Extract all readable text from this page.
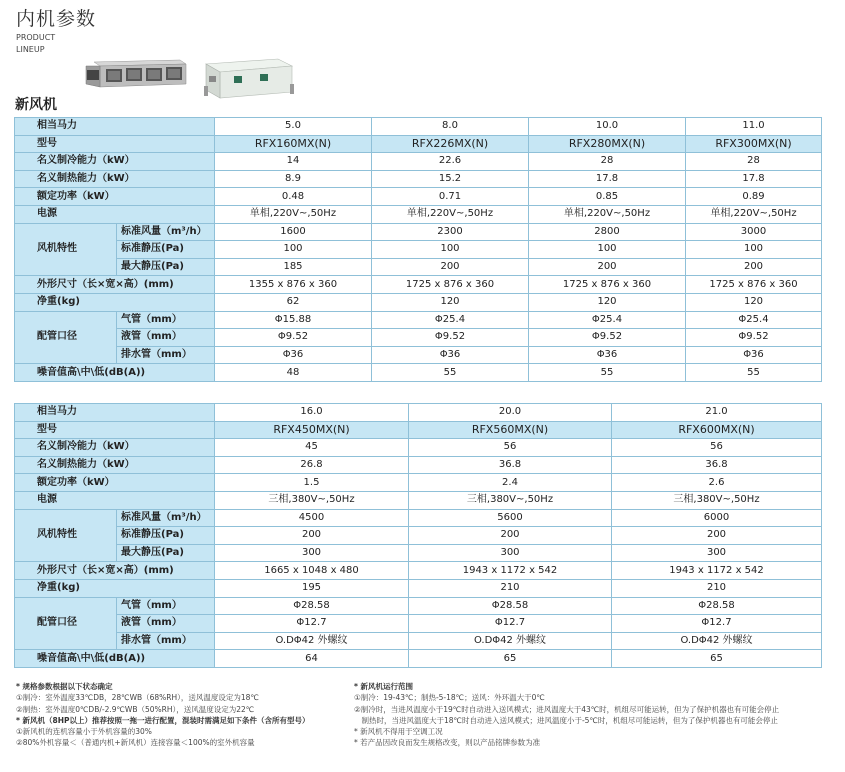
内机参数
PRODUCT
LINEUP
新风机
相当马力		5.0	8.0	10.0	11.0
型号		RFX160MX(N)	RFX226MX(N)	RFX280MX(N)	RFX300MX(N)
名义制冷能力（kW）		14	22.6	28	28
名义制热能力（kW）		8.9	15.2	17.8	17.8
额定功率（kW）		0.48	0.71	0.85	0.89
电源		单相,220V~,50Hz	单相,220V~,50Hz	单相,220V~,50Hz	单相,220V~,50Hz
风机特性	标准风量（m³/h）	1600	2300	2800	3000
	标准静压(Pa)	100	100	100	100
	最大静压(Pa)	185	200	200	200
外形尺寸（长×宽×高）(mm)		1355 x 876 x 360	1725 x 876 x 360	1725 x 876 x 360	1725 x 876 x 360
净重(kg)		62	120	120	120
配管口径	气管（mm）	Φ15.88	Φ25.4	Φ25.4	Φ25.4
	液管（mm）	Φ9.52	Φ9.52	Φ9.52	Φ9.52
	排水管（mm）	Φ36	Φ36	Φ36	Φ36
噪音值高\中\低(dB(A))		48	55	55	55
相当马力		16.0	20.0	21.0
型号		RFX450MX(N)	RFX560MX(N)	RFX600MX(N)
名义制冷能力（kW）		45	56	56
名义制热能力（kW）		26.8	36.8	36.8
额定功率（kW）		1.5	2.4	2.6
电源		三相,380V~,50Hz	三相,380V~,50Hz	三相,380V~,50Hz
风机特性	标准风量（m³/h）	4500	5600	6000
	标准静压(Pa)	200	200	200
	最大静压(Pa)	300	300	300
外形尺寸（长×宽×高）(mm)		1665 x 1048 x 480	1943 x 1172 x 542	1943 x 1172 x 542
净重(kg)		195	210	210
配管口径	气管（mm）	Φ28.58	Φ28.58	Φ28.58
	液管（mm）	Φ12.7	Φ12.7	Φ12.7
	排水管（mm）	O.DΦ42 外螺纹	O.DΦ42 外螺纹	O.DΦ42 外螺纹
噪音值高\中\低(dB(A))		64	65	65
* 规格参数根据以下状态确定
①制冷：室外温度33℃DB，28℃WB（68%RH），送风温度设定为18℃
②制热：室外温度0℃DB/-2.9℃WB（50%RH），送风温度设定为22℃
* 新风机（8HP以上）推荐按照一拖一进行配置，混装时需满足如下条件（含所有型号）
①新风机的连机容量小于外机容量的30%
②80%外机容量＜（普通内机+新风机）连接容量＜100%的室外机容量
* 新风机运行范围
①制冷：19-43℃；制热-5-18℃；送风：外环温大于0℃
②制冷时，当进风温度小于19℃时自动进入送风模式；进风温度大于43℃时，机组尽可能运转，但为了保护机器也有可能会停止
　制热时，当进风温度大于18℃时自动进入送风模式；进风温度小于-5℃时，机组尽可能运转，但为了保护机器也有可能会停止
* 新风机不得用于空调工况
* 若产品因改良而发生规格改变，则以产品铭牌参数为准
